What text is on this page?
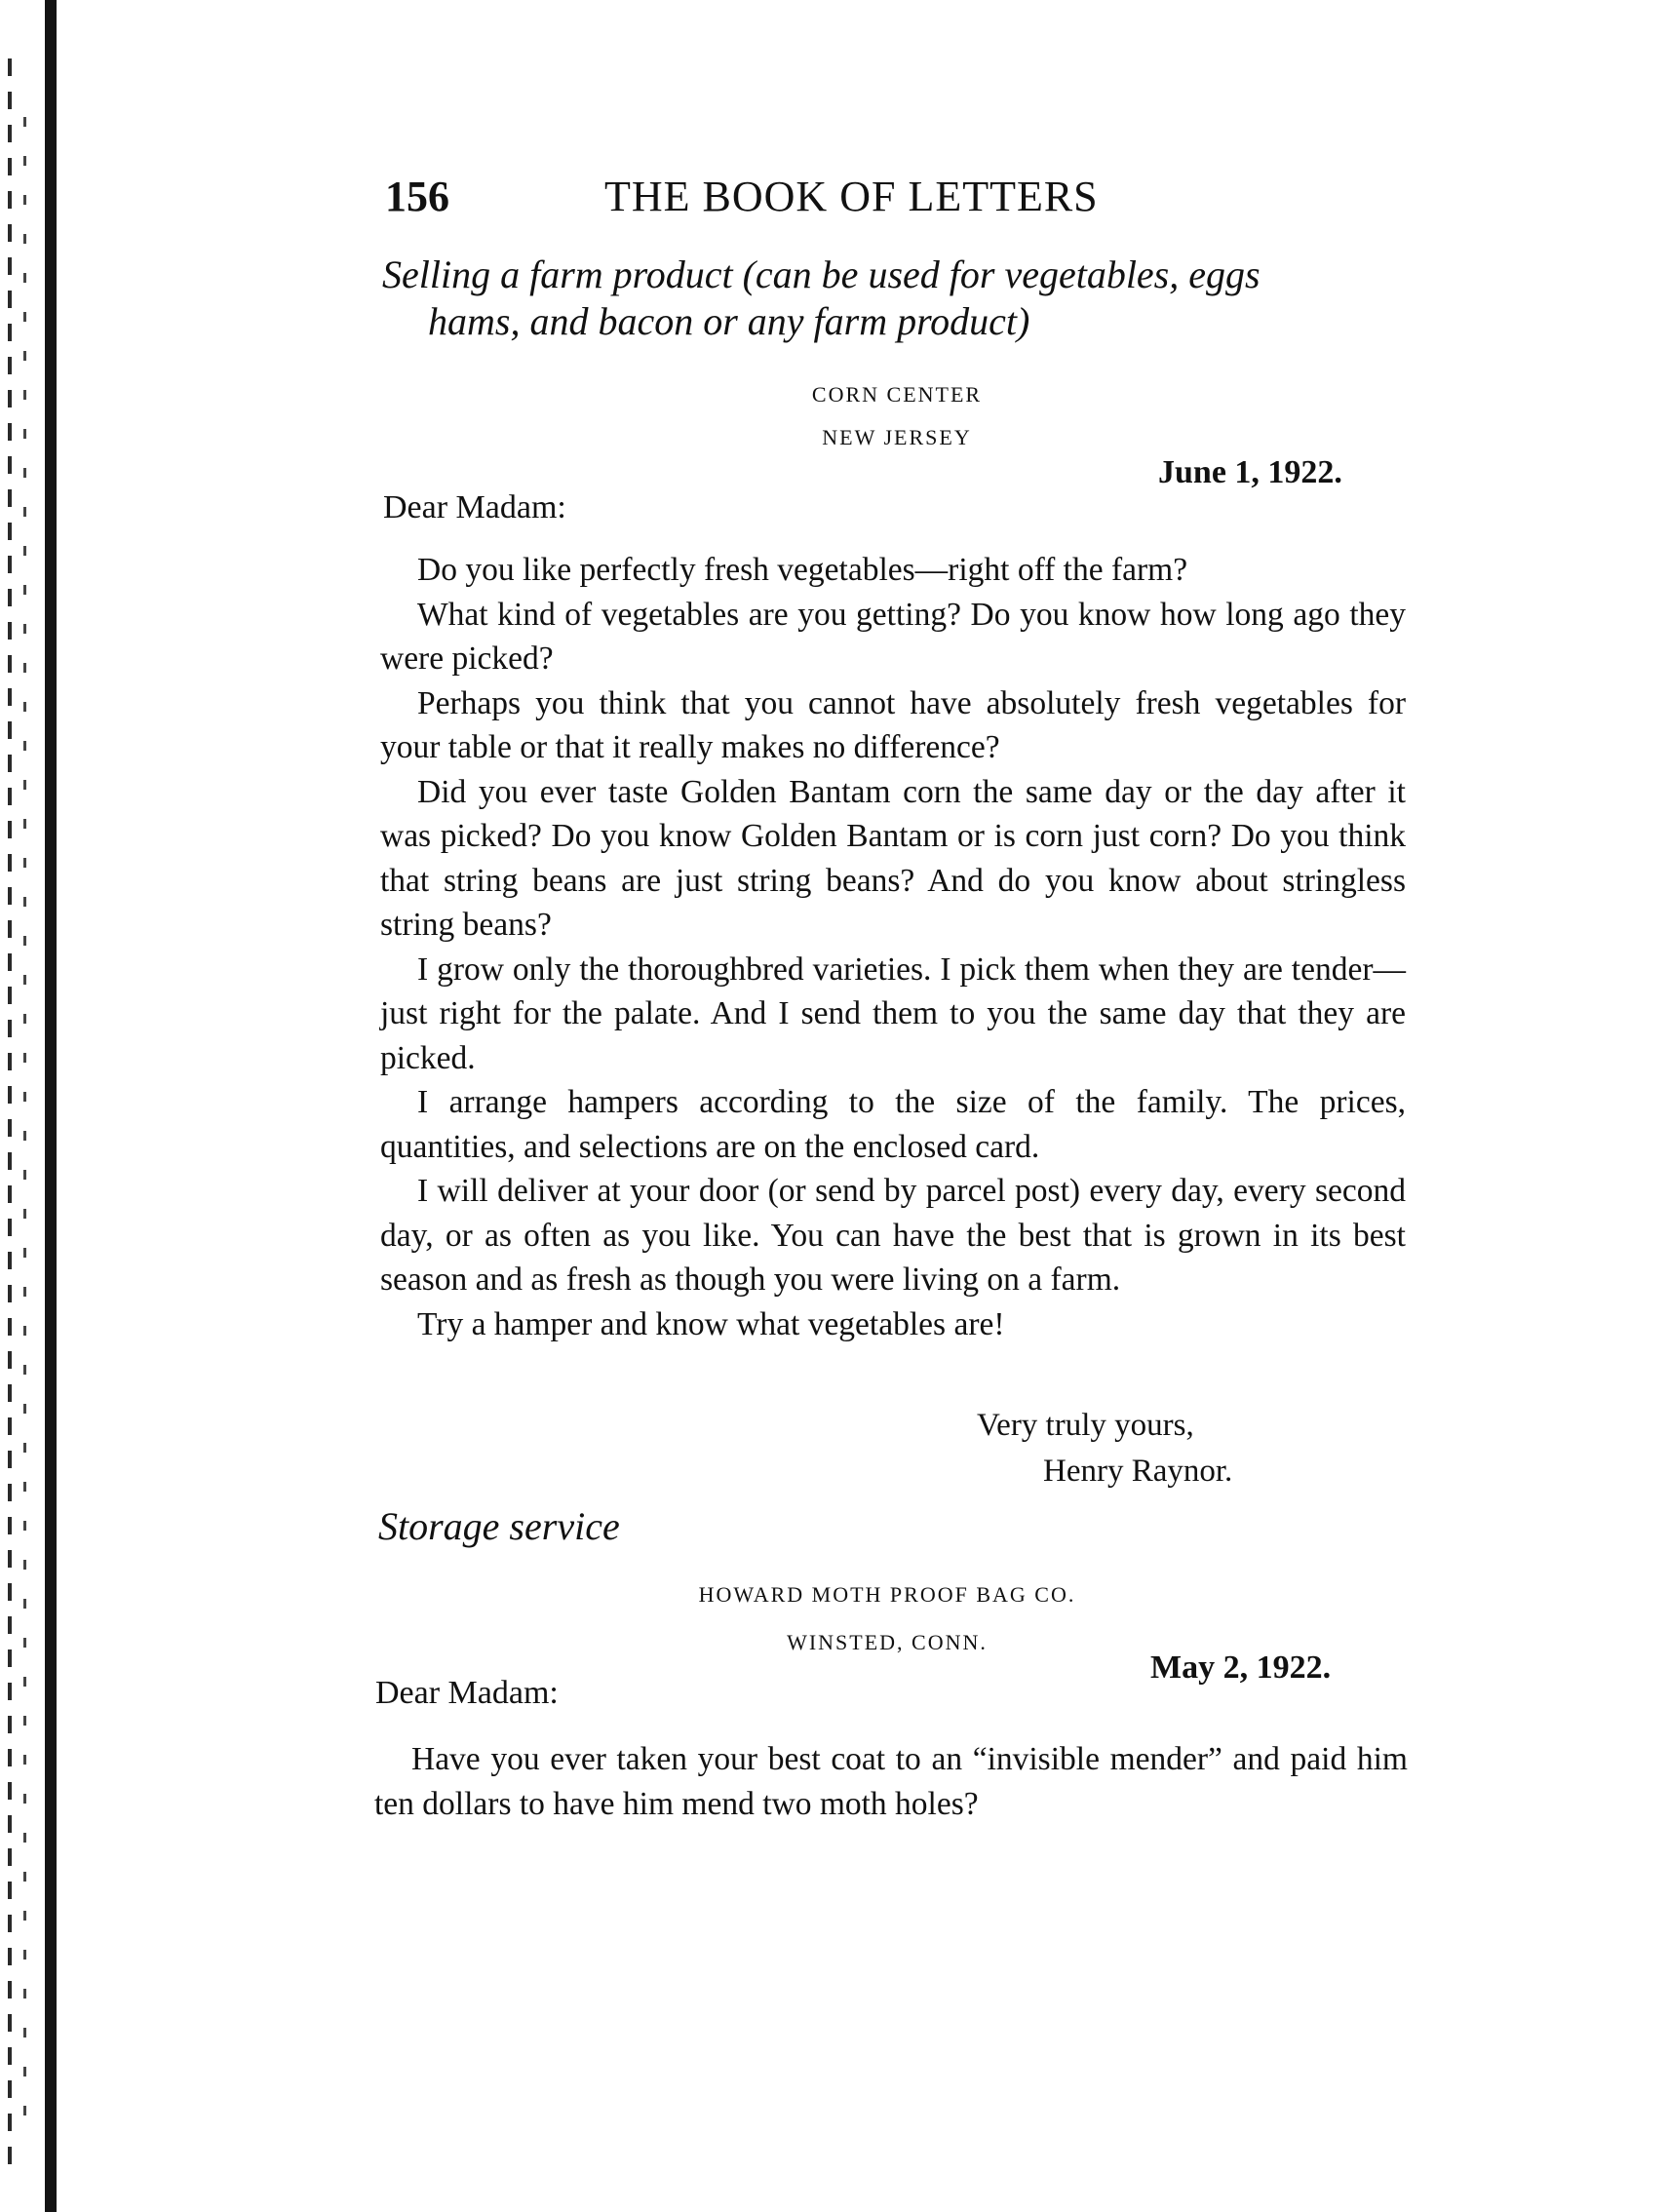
156	THE BOOK OF LETTERS
Selling a farm product (can be used for vegetables, eggs
hams, and bacon or any farm product)
CORN CENTER
NEW JERSEY
June 1, 1922.
Dear Madam:

Do you like perfectly fresh vegetables—right off the farm?

What kind of vegetables are you getting? Do you know how long ago they were picked?

Perhaps you think that you cannot have absolutely fresh vegetables for your table or that it really makes no difference?

Did you ever taste Golden Bantam corn the same day or the day after it was picked? Do you know Golden Bantam or is corn just corn? Do you think that string beans are just string beans? And do you know about stringless string beans?

I grow only the thoroughbred varieties. I pick them when they are tender—just right for the palate. And I send them to you the same day that they are picked.

I arrange hampers according to the size of the family. The prices, quantities, and selections are on the enclosed card.

I will deliver at your door (or send by parcel post) every day, every second day, or as often as you like. You can have the best that is grown in its best season and as fresh as though you were living on a farm.

Try a hamper and know what vegetables are!

Very truly yours,
Henry Raynor.
Storage service
HOWARD MOTH PROOF BAG CO.
WINSTED, CONN.
May 2, 1922.
Dear Madam:

Have you ever taken your best coat to an “invisible mender” and paid him ten dollars to have him mend two moth holes?
